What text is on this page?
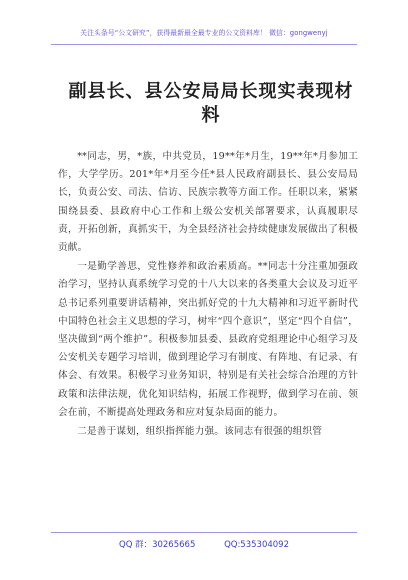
关注头条号“公文研究”，获得最新最全最专业的公文资料库！ 微信：gongwenyj
副县长、县公安局局长现实表现材料

**同志，男，*族，中共党员，19**年*月生，19**年*月参加工作，大学学历。201*年*月至今任*县人民政府副县长、县公安局局长，负责公安、司法、信访、民族宗教等方面工作。任职以来，紧紧围绕县委、县政府中心工作和上级公安机关部署要求，认真履职尽责，开拓创新，真抓实干，为全县经济社会持续健康发展做出了积极贡献。

一是勤学善思，党性修养和政治素质高。**同志十分注重加强政治学习，坚持认真系统学习党的十八大以来的各类重大会议及习近平总书记系列重要讲话精神，突出抓好党的十九大精神和习近平新时代中国特色社会主义思想的学习，树牢“四个意识”，坚定“四个自信”，坚决做到“两个维护”。积极参加县委、县政府党组理论中心组学习及公安机关专题学习培训，做到理论学习有制度、有阵地、有记录、有体会、有效果。积极学习业务知识，特别是有关社会综合治理的方针政策和法律法规，优化知识结构，拓展工作视野，做到学习在前、领会在前，不断提高处理政务和应对复杂局面的能力。

二是善于谋划，组织指挥能力强。该同志有很强的组织管

QQ 群：30265665	QQ:535304092
